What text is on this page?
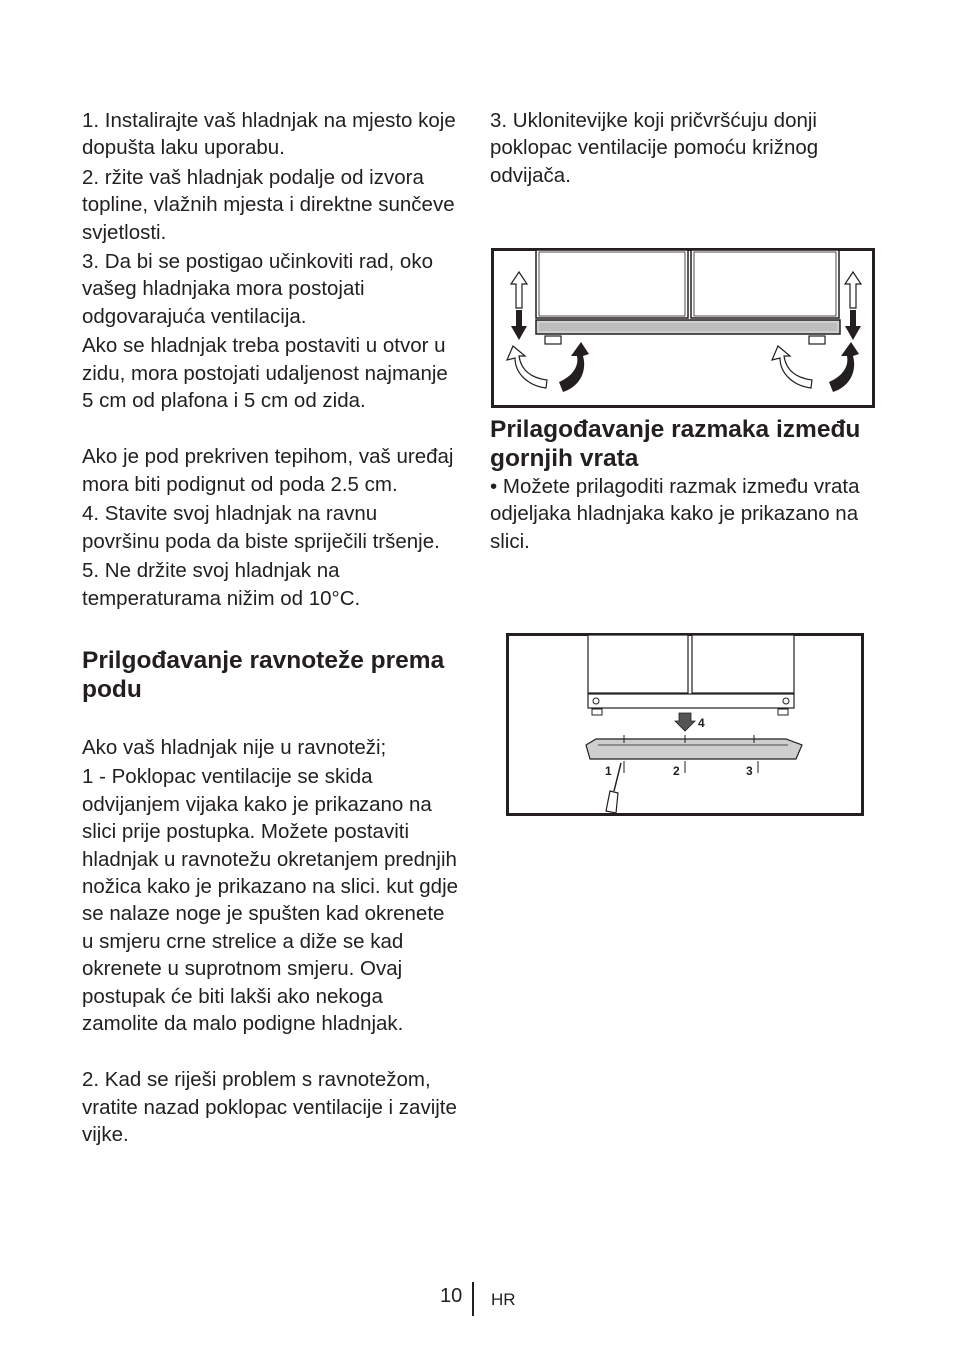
1. Instalirajte vaš hladnjak na mjesto koje dopušta laku uporabu.

2. ržite vaš hladnjak podalje od izvora topline, vlažnih mjesta i direktne sunčeve svjetlosti.

3. Da bi se postigao učinkoviti rad, oko vašeg hladnjaka mora postojati odgovarajuća ventilacija.

Ako se hladnjak treba postaviti u otvor u zidu, mora postojati udaljenost najmanje 5 cm od plafona i 5 cm od zida.

Ako je pod prekriven tepihom, vaš uređaj mora biti podignut od poda 2.5 cm.

4. Stavite svoj hladnjak na ravnu površinu poda da biste spriječili tršenje.

5. Ne držite svoj hladnjak na temperaturama nižim od 10°C.

Prilgođavanje ravnoteže prema podu

Ako vaš hladnjak nije u ravnoteži;

1 - Poklopac ventilacije se skida odvijanjem vijaka kako je prikazano na slici prije postupka. Možete postaviti hladnjak u ravnotežu okretanjem prednjih nožica kako je prikazano na slici. kut gdje se nalaze noge je spušten kad okrenete u smjeru crne strelice a diže se kad okrenete u suprotnom smjeru. Ovaj postupak će biti lakši ako nekoga zamolite da malo podigne hladnjak.

2. Kad se riješi problem s ravnotežom, vratite nazad poklopac ventilacije i zavijte vijke.

3. Uklonitevijke koji pričvršćuju donji poklopac ventilacije pomoću križnog odvijača.

Prilagođavanje razmaka između gornjih vrata

• Možete prilagoditi razmak između vrata odjeljaka hladnjaka kako je prikazano na slici.

4
1	2	3
10 HR
